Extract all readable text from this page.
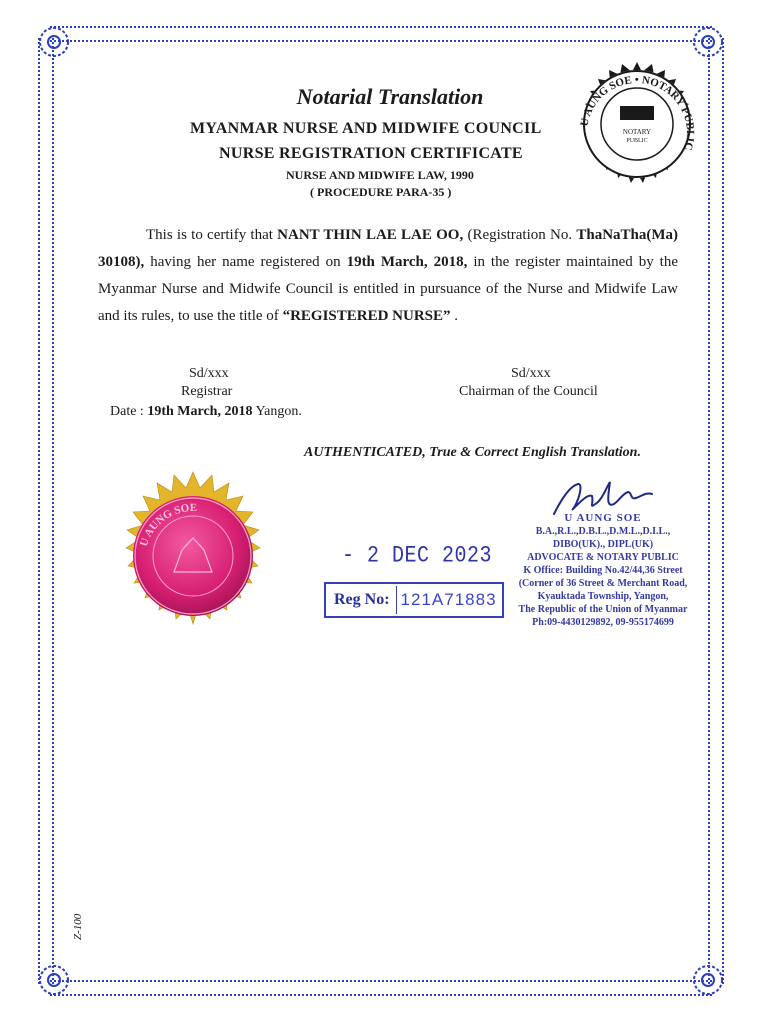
NOTARY
PUBLIC
U AUNG SOE • NOTARY PUBLIC
Notarial Translation
MYANMAR NURSE AND MIDWIFE COUNCIL
NURSE REGISTRATION CERTIFICATE
NURSE AND MIDWIFE LAW, 1990
( PROCEDURE PARA-35 )
This is to certify that NANT THIN LAE LAE OO, (Registration No. ThaNaTha(Ma) 30108), having her name registered on 19th March, 2018, in the register maintained by the Myanmar Nurse and Midwife Council is entitled in pursuance of the Nurse and Midwife Law and its rules, to use the title of “REGISTERED NURSE” .
Sd/xxx
Registrar
Date : 19th March, 2018 Yangon.
Sd/xxx
Chairman of the Council
AUTHENTICATED, True & Correct English Translation.
U AUNG SOE
B.A.,R.L.,D.B.L.,D.M.L.,D.I.L.,
DIBO(UK)., DIPL(UK)
ADVOCATE & NOTARY PUBLIC
K Office: Building No.42/44,36 Street
(Corner of 36 Street & Merchant Road,
Kyauktada Township, Yangon,
The Republic of the Union of Myanmar
Ph:09-4430129892, 09-955174699
- 2 DEC 2023
Reg No: 121A71883
U AUNG SOE
Z-100
